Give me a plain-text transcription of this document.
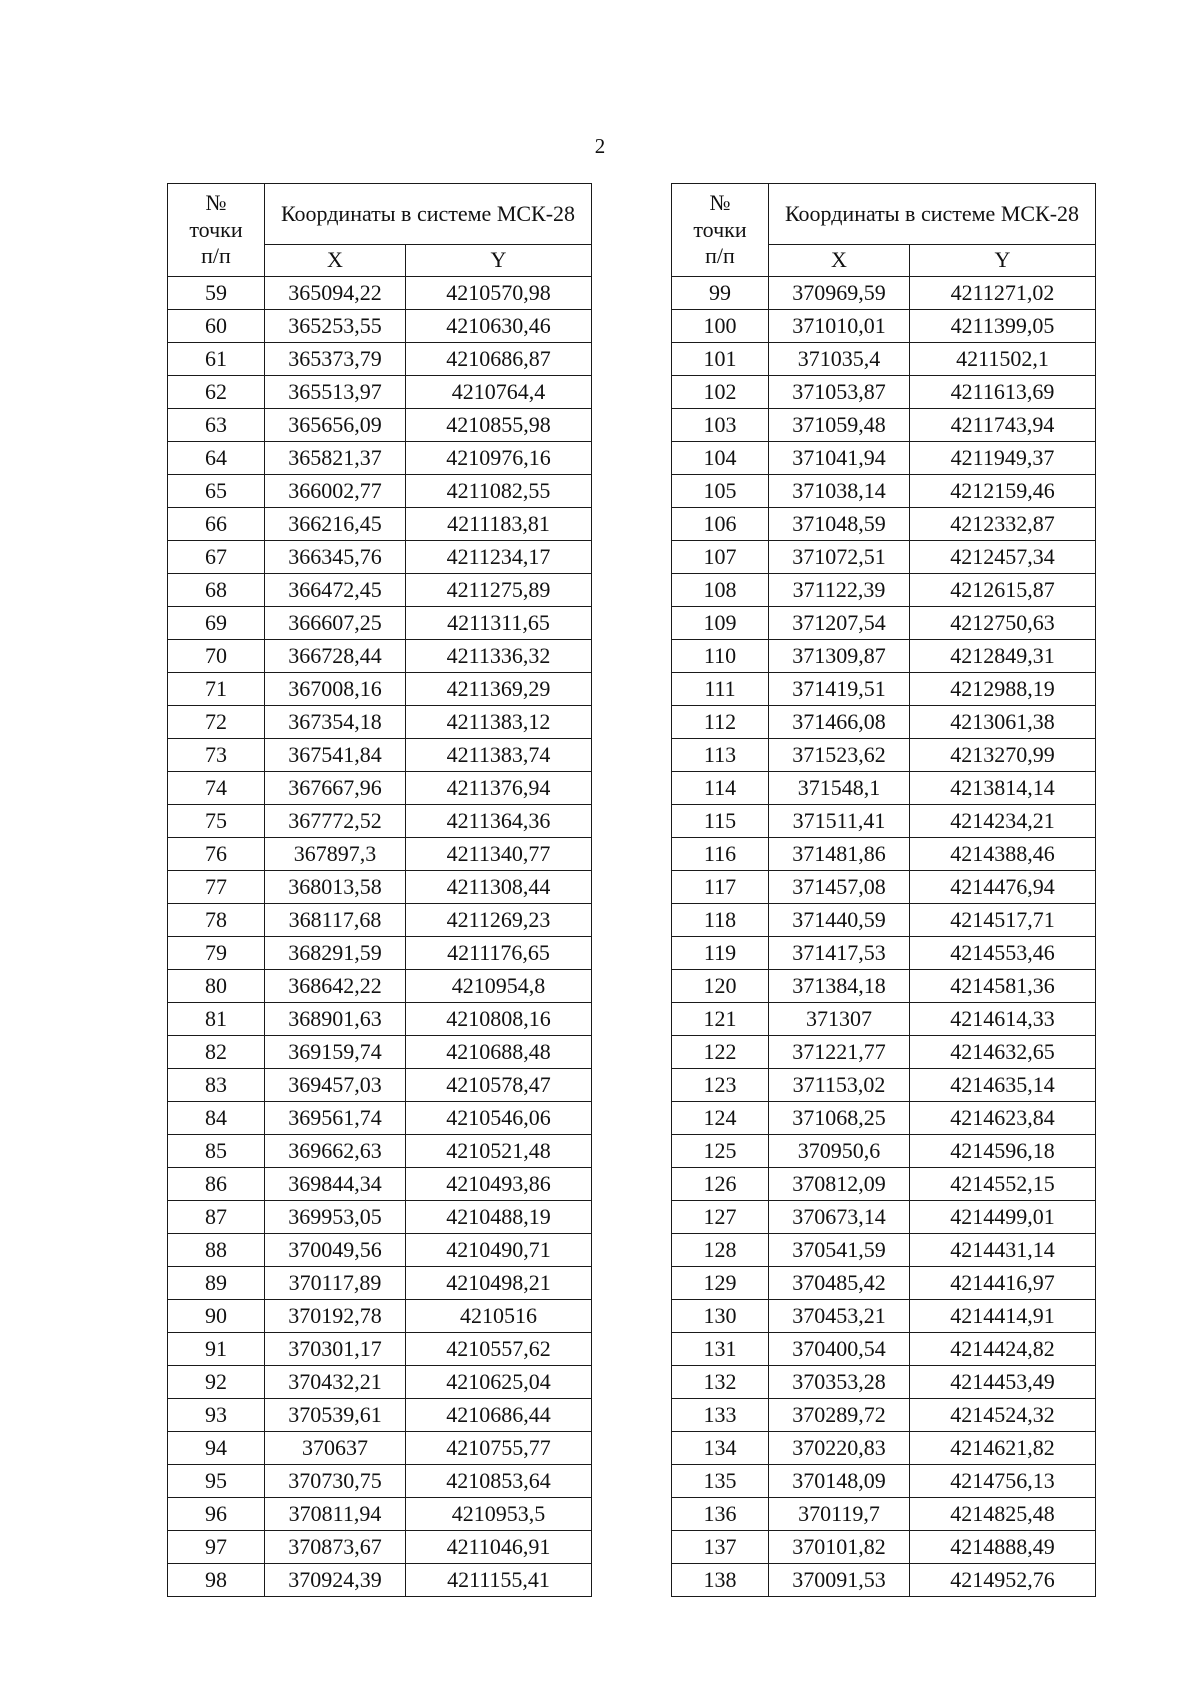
2
№
точки
п/п	Координаты в системе МСК-28	
	X	Y
59	365094,22	4210570,98
60	365253,55	4210630,46
61	365373,79	4210686,87
62	365513,97	4210764,4
63	365656,09	4210855,98
64	365821,37	4210976,16
65	366002,77	4211082,55
66	366216,45	4211183,81
67	366345,76	4211234,17
68	366472,45	4211275,89
69	366607,25	4211311,65
70	366728,44	4211336,32
71	367008,16	4211369,29
72	367354,18	4211383,12
73	367541,84	4211383,74
74	367667,96	4211376,94
75	367772,52	4211364,36
76	367897,3	4211340,77
77	368013,58	4211308,44
78	368117,68	4211269,23
79	368291,59	4211176,65
80	368642,22	4210954,8
81	368901,63	4210808,16
82	369159,74	4210688,48
83	369457,03	4210578,47
84	369561,74	4210546,06
85	369662,63	4210521,48
86	369844,34	4210493,86
87	369953,05	4210488,19
88	370049,56	4210490,71
89	370117,89	4210498,21
90	370192,78	4210516
91	370301,17	4210557,62
92	370432,21	4210625,04
93	370539,61	4210686,44
94	370637	4210755,77
95	370730,75	4210853,64
96	370811,94	4210953,5
97	370873,67	4211046,91
98	370924,39	4211155,41
№
точки
п/п	Координаты в системе МСК-28	
	X	Y
99	370969,59	4211271,02
100	371010,01	4211399,05
101	371035,4	4211502,1
102	371053,87	4211613,69
103	371059,48	4211743,94
104	371041,94	4211949,37
105	371038,14	4212159,46
106	371048,59	4212332,87
107	371072,51	4212457,34
108	371122,39	4212615,87
109	371207,54	4212750,63
110	371309,87	4212849,31
111	371419,51	4212988,19
112	371466,08	4213061,38
113	371523,62	4213270,99
114	371548,1	4213814,14
115	371511,41	4214234,21
116	371481,86	4214388,46
117	371457,08	4214476,94
118	371440,59	4214517,71
119	371417,53	4214553,46
120	371384,18	4214581,36
121	371307	4214614,33
122	371221,77	4214632,65
123	371153,02	4214635,14
124	371068,25	4214623,84
125	370950,6	4214596,18
126	370812,09	4214552,15
127	370673,14	4214499,01
128	370541,59	4214431,14
129	370485,42	4214416,97
130	370453,21	4214414,91
131	370400,54	4214424,82
132	370353,28	4214453,49
133	370289,72	4214524,32
134	370220,83	4214621,82
135	370148,09	4214756,13
136	370119,7	4214825,48
137	370101,82	4214888,49
138	370091,53	4214952,76
